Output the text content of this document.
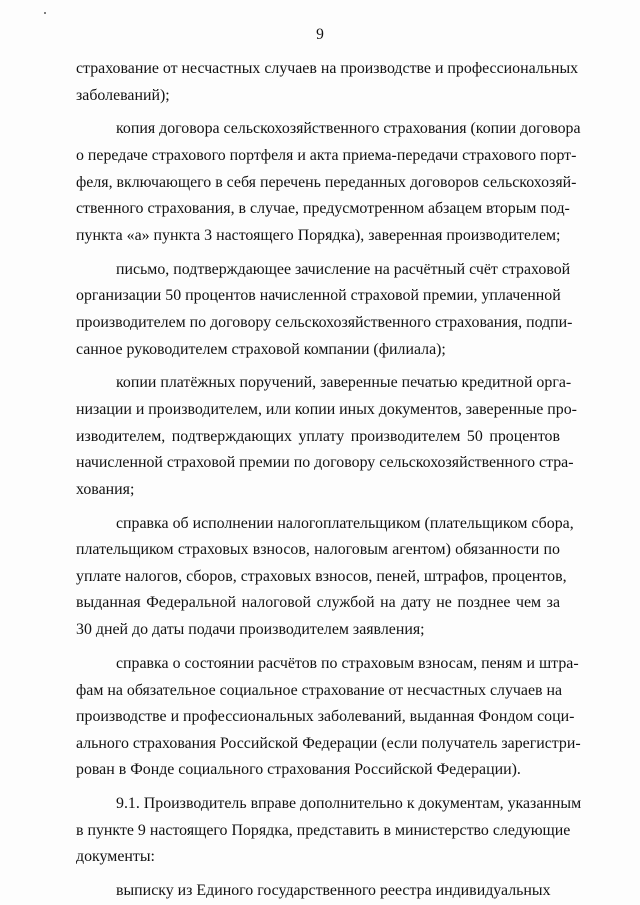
9
страхование от несчастных случаев на производстве и профессиональных
заболеваний);
копия договора сельскохозяйственного страхования (копии договора
о передаче страхового портфеля и акта приема-передачи страхового порт-
феля, включающего в себя перечень переданных договоров сельскохозяй-
ственного страхования, в случае, предусмотренном абзацем вторым под-
пункта «а» пункта 3 настоящего Порядка), заверенная производителем;
письмо, подтверждающее зачисление на расчётный счёт страховой
организации 50 процентов начисленной страховой премии, уплаченной
производителем по договору сельскохозяйственного страхования, подпи-
санное руководителем страховой компании (филиала);
копии платёжных поручений, заверенные печатью кредитной орга-
низации и производителем, или копии иных документов, заверенные про-
изводителем, подтверждающих уплату производителем 50 процентов
начисленной страховой премии по договору сельскохозяйственного стра-
хования;
справка об исполнении налогоплательщиком (плательщиком сбора,
плательщиком страховых взносов, налоговым агентом) обязанности по
уплате налогов, сборов, страховых взносов, пеней, штрафов, процентов,
выданная Федеральной налоговой службой на дату не позднее чем за
30 дней до даты подачи производителем заявления;
справка о состоянии расчётов по страховым взносам, пеням и штра-
фам на обязательное социальное страхование от несчастных случаев на
производстве и профессиональных заболеваний, выданная Фондом соци-
ального страхования Российской Федерации (если получатель зарегистри-
рован в Фонде социального страхования Российской Федерации).
9.1. Производитель вправе дополнительно к документам, указанным
в пункте 9 настоящего Порядка, представить в министерство следующие
документы:
выписку из Единого государственного реестра индивидуальных
